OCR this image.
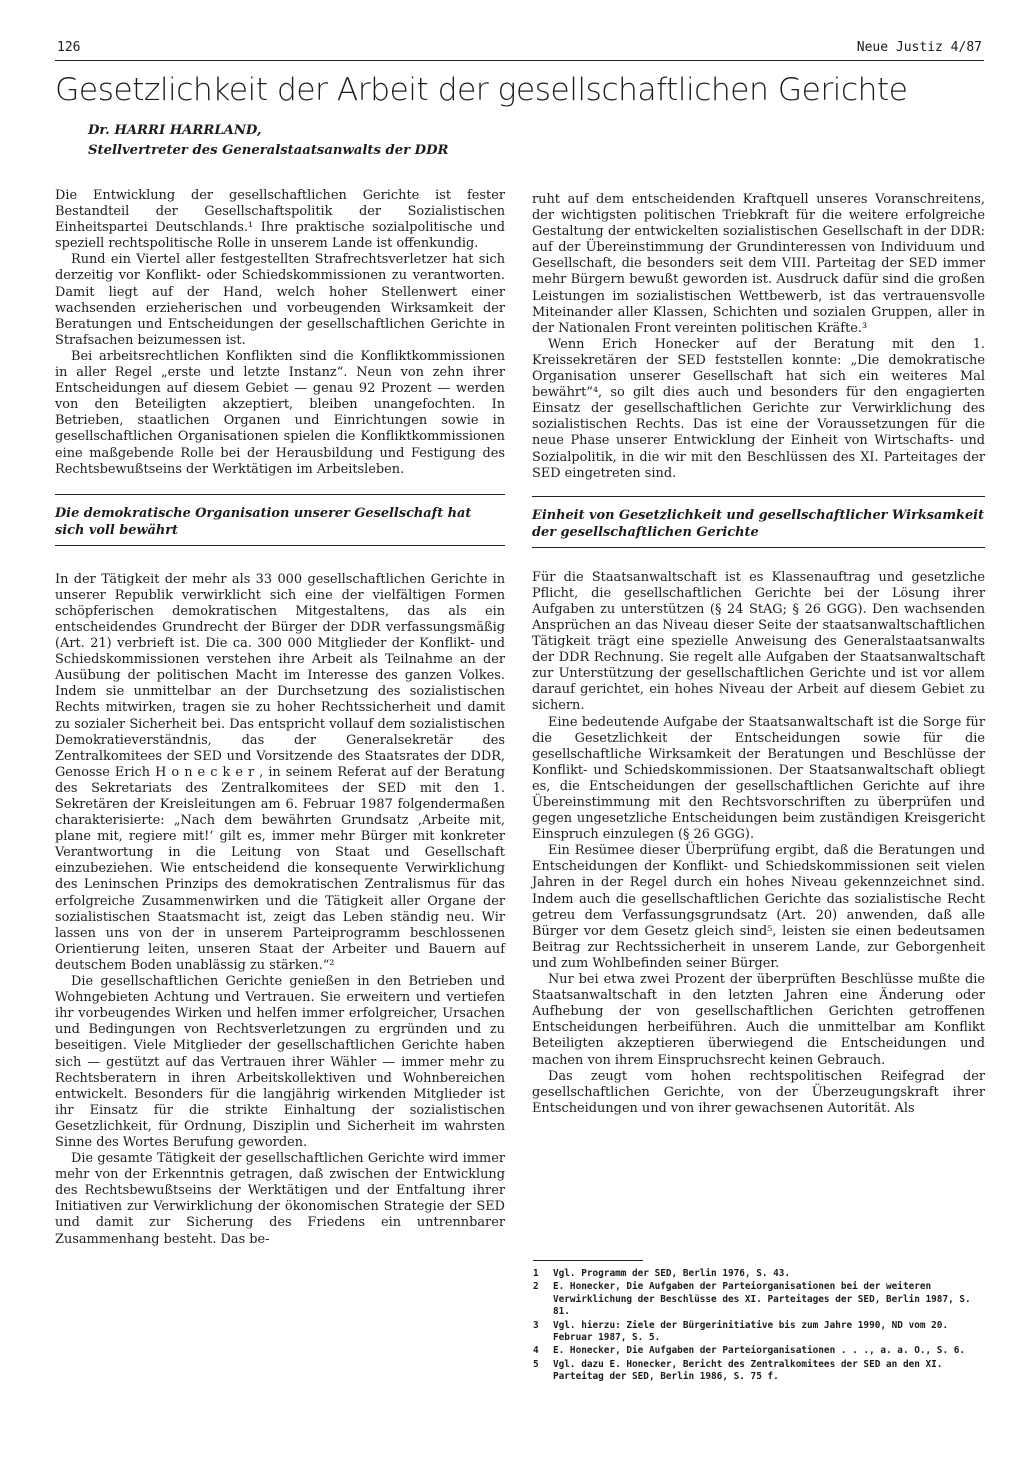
126	Neue Justiz 4/87
Gesetzlichkeit der Arbeit der gesellschaftlichen Gerichte
Dr. HARRI HARRLAND,
Stellvertreter des Generalstaatsanwalts der DDR

Die Entwicklung der gesellschaftlichen Gerichte ist fester Bestandteil der Gesellschaftspolitik der Sozialistischen Einheitspartei Deutschlands.¹ Ihre praktische sozialpolitische und speziell rechtspolitische Rolle in unserem Lande ist offenkundig.

Rund ein Viertel aller festgestellten Strafrechtsverletzer hat sich derzeitig vor Konflikt- oder Schiedskommissionen zu verantworten. Damit liegt auf der Hand, welch hoher Stellenwert einer wachsenden erzieherischen und vorbeugenden Wirksamkeit der Beratungen und Entscheidungen der gesellschaftlichen Gerichte in Strafsachen beizumessen ist.

Bei arbeitsrechtlichen Konflikten sind die Konfliktkommissionen in aller Regel „erste und letzte Instanz“. Neun von zehn ihrer Entscheidungen auf diesem Gebiet — genau 92 Prozent — werden von den Beteiligten akzeptiert, bleiben unangefochten. In Betrieben, staatlichen Organen und Einrichtungen sowie in gesellschaftlichen Organisationen spielen die Konfliktkommissionen eine maßgebende Rolle bei der Herausbildung und Festigung des Rechtsbewußtseins der Werktätigen im Arbeitsleben.

Die demokratische Organisation unserer Gesellschaft hat sich voll bewährt

In der Tätigkeit der mehr als 33 000 gesellschaftlichen Gerichte in unserer Republik verwirklicht sich eine der vielfältigen Formen schöpferischen demokratischen Mitgestaltens, das als ein entscheidendes Grundrecht der Bürger der DDR verfassungsmäßig (Art. 21) verbrieft ist. Die ca. 300 000 Mitglieder der Konflikt- und Schiedskommissionen verstehen ihre Arbeit als Teilnahme an der Ausübung der politischen Macht im Interesse des ganzen Volkes. Indem sie unmittelbar an der Durchsetzung des sozialistischen Rechts mitwirken, tragen sie zu hoher Rechtssicherheit und damit zu sozialer Sicherheit bei. Das entspricht vollauf dem sozialistischen Demokratieverständnis, das der Generalsekretär des Zentralkomitees der SED und Vorsitzende des Staatsrates der DDR, Genosse Erich H o n e c k e r , in seinem Referat auf der Beratung des Sekretariats des Zentralkomitees der SED mit den 1. Sekretären der Kreisleitungen am 6. Februar 1987 folgendermaßen charakterisierte: „Nach dem bewährten Grundsatz ‚Arbeite mit, plane mit, regiere mit!‘ gilt es, immer mehr Bürger mit konkreter Verantwortung in die Leitung von Staat und Gesellschaft einzubeziehen. Wie entscheidend die konsequente Verwirklichung des Leninschen Prinzips des demokratischen Zentralismus für das erfolgreiche Zusammenwirken und die Tätigkeit aller Organe der sozialistischen Staatsmacht ist, zeigt das Leben ständig neu. Wir lassen uns von der in unserem Parteiprogramm beschlossenen Orientierung leiten, unseren Staat der Arbeiter und Bauern auf deutschem Boden unablässig zu stärken.“²

Die gesellschaftlichen Gerichte genießen in den Betrieben und Wohngebieten Achtung und Vertrauen. Sie erweitern und vertiefen ihr vorbeugendes Wirken und helfen immer erfolgreicher, Ursachen und Bedingungen von Rechtsverletzungen zu ergründen und zu beseitigen. Viele Mitglieder der gesellschaftlichen Gerichte haben sich — gestützt auf das Vertrauen ihrer Wähler — immer mehr zu Rechtsberatern in ihren Arbeitskollektiven und Wohnbereichen entwickelt. Besonders für die langjährig wirkenden Mitglieder ist ihr Einsatz für die strikte Einhaltung der sozialistischen Gesetzlichkeit, für Ordnung, Disziplin und Sicherheit im wahrsten Sinne des Wortes Berufung geworden.

Die gesamte Tätigkeit der gesellschaftlichen Gerichte wird immer mehr von der Erkenntnis getragen, daß zwischen der Entwicklung des Rechtsbewußtseins der Werktätigen und der Entfaltung ihrer Initiativen zur Verwirklichung der ökonomischen Strategie der SED und damit zur Sicherung des Friedens ein untrennbarer Zusammenhang besteht. Das be-

ruht auf dem entscheidenden Kraftquell unseres Voranschreitens, der wichtigsten politischen Triebkraft für die weitere erfolgreiche Gestaltung der entwickelten sozialistischen Gesellschaft in der DDR: auf der Übereinstimmung der Grundinteressen von Individuum und Gesellschaft, die besonders seit dem VIII. Parteitag der SED immer mehr Bürgern bewußt geworden ist. Ausdruck dafür sind die großen Leistungen im sozialistischen Wettbewerb, ist das vertrauensvolle Miteinander aller Klassen, Schichten und sozialen Gruppen, aller in der Nationalen Front vereinten politischen Kräfte.³

Wenn Erich Honecker auf der Beratung mit den 1. Kreissekretären der SED feststellen konnte: „Die demokratische Organisation unserer Gesellschaft hat sich ein weiteres Mal bewährt“⁴, so gilt dies auch und besonders für den engagierten Einsatz der gesellschaftlichen Gerichte zur Verwirklichung des sozialistischen Rechts. Das ist eine der Voraussetzungen für die neue Phase unserer Entwicklung der Einheit von Wirtschafts- und Sozialpolitik, in die wir mit den Beschlüssen des XI. Parteitages der SED eingetreten sind.

Einheit von Gesetzlichkeit und gesellschaftlicher Wirksamkeit der gesellschaftlichen Gerichte

Für die Staatsanwaltschaft ist es Klassenauftrag und gesetzliche Pflicht, die gesellschaftlichen Gerichte bei der Lösung ihrer Aufgaben zu unterstützen (§ 24 StAG; § 26 GGG). Den wachsenden Ansprüchen an das Niveau dieser Seite der staatsanwaltschaftlichen Tätigkeit trägt eine spezielle Anweisung des Generalstaatsanwalts der DDR Rechnung. Sie regelt alle Aufgaben der Staatsanwaltschaft zur Unterstützung der gesellschaftlichen Gerichte und ist vor allem darauf gerichtet, ein hohes Niveau der Arbeit auf diesem Gebiet zu sichern.

Eine bedeutende Aufgabe der Staatsanwaltschaft ist die Sorge für die Gesetzlichkeit der Entscheidungen sowie für die gesellschaftliche Wirksamkeit der Beratungen und Beschlüsse der Konflikt- und Schiedskommissionen. Der Staatsanwaltschaft obliegt es, die Entscheidungen der gesellschaftlichen Gerichte auf ihre Übereinstimmung mit den Rechtsvorschriften zu überprüfen und gegen ungesetzliche Entscheidungen beim zuständigen Kreisgericht Einspruch einzulegen (§ 26 GGG).

Ein Resümee dieser Überprüfung ergibt, daß die Beratungen und Entscheidungen der Konflikt- und Schiedskommissionen seit vielen Jahren in der Regel durch ein hohes Niveau gekennzeichnet sind. Indem auch die gesellschaftlichen Gerichte das sozialistische Recht getreu dem Verfassungsgrundsatz (Art. 20) anwenden, daß alle Bürger vor dem Gesetz gleich sind⁵, leisten sie einen bedeutsamen Beitrag zur Rechtssicherheit in unserem Lande, zur Geborgenheit und zum Wohlbefinden seiner Bürger.

Nur bei etwa zwei Prozent der überprüften Beschlüsse mußte die Staatsanwaltschaft in den letzten Jahren eine Änderung oder Aufhebung der von gesellschaftlichen Gerichten getroffenen Entscheidungen herbeiführen. Auch die unmittelbar am Konflikt Beteiligten akzeptieren überwiegend die Entscheidungen und machen von ihrem Einspruchsrecht keinen Gebrauch.

Das zeugt vom hohen rechtspolitischen Reifegrad der gesellschaftlichen Gerichte, von der Überzeugungskraft ihrer Entscheidungen und von ihrer gewachsenen Autorität. Als

1	Vgl. Programm der SED, Berlin 1976, S. 43.
2	E. Honecker, Die Aufgaben der Parteiorganisationen bei der weiteren Verwirklichung der Beschlüsse des XI. Parteitages der SED, Berlin 1987, S. 81.
3	Vgl. hierzu: Ziele der Bürgerinitiative bis zum Jahre 1990, ND vom 20. Februar 1987, S. 5.
4	E. Honecker, Die Aufgaben der Parteiorganisationen . . ., a. a. O., S. 6.
5	Vgl. dazu E. Honecker, Bericht des Zentralkomitees der SED an den XI. Parteitag der SED, Berlin 1986, S. 75 f.
